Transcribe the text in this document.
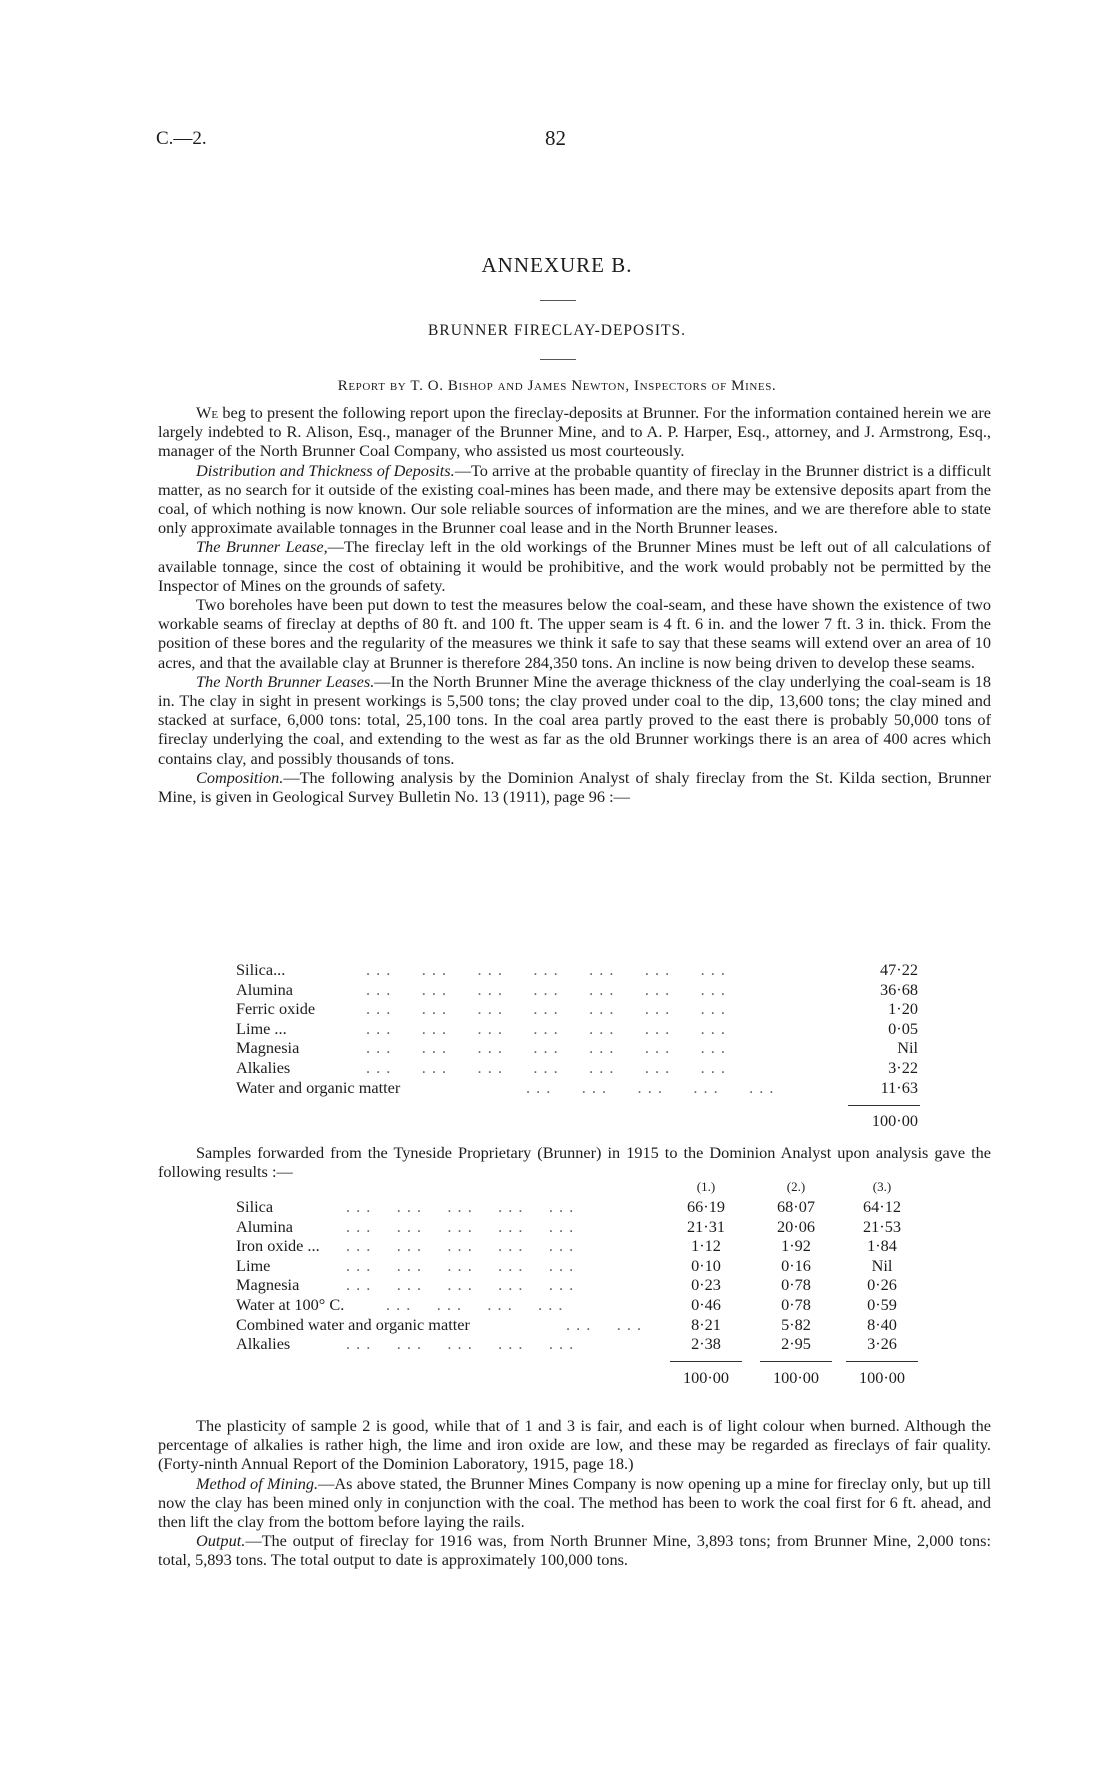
C.—2.	82
ANNEXURE B.
BRUNNER FIRECLAY-DEPOSITS.
Report by T. O. Bishop and James Newton, Inspectors of Mines.

We beg to present the following report upon the fireclay-deposits at Brunner. For the information contained herein we are largely indebted to R. Alison, Esq., manager of the Brunner Mine, and to A. P. Harper, Esq., attorney, and J. Armstrong, Esq., manager of the North Brunner Coal Company, who assisted us most courteously.

Distribution and Thickness of Deposits.—To arrive at the probable quantity of fireclay in the Brunner district is a difficult matter, as no search for it outside of the existing coal-mines has been made, and there may be extensive deposits apart from the coal, of which nothing is now known. Our sole reliable sources of information are the mines, and we are therefore able to state only approximate available tonnages in the Brunner coal lease and in the North Brunner leases.

The Brunner Lease,—The fireclay left in the old workings of the Brunner Mines must be left out of all calculations of available tonnage, since the cost of obtaining it would be prohibitive, and the work would probably not be permitted by the Inspector of Mines on the grounds of safety.

Two boreholes have been put down to test the measures below the coal-seam, and these have shown the existence of two workable seams of fireclay at depths of 80 ft. and 100 ft. The upper seam is 4 ft. 6 in. and the lower 7 ft. 3 in. thick. From the position of these bores and the regularity of the measures we think it safe to say that these seams will extend over an area of 10 acres, and that the available clay at Brunner is therefore 284,350 tons. An incline is now being driven to develop these seams.

The North Brunner Leases.—In the North Brunner Mine the average thickness of the clay underlying the coal-seam is 18 in. The clay in sight in present workings is 5,500 tons; the clay proved under coal to the dip, 13,600 tons; the clay mined and stacked at surface, 6,000 tons: total, 25,100 tons. In the coal area partly proved to the east there is probably 50,000 tons of fireclay underlying the coal, and extending to the west as far as the old Brunner workings there is an area of 400 acres which contains clay, and possibly thousands of tons.

Composition.—The following analysis by the Dominion Analyst of shaly fireclay from the St. Kilda section, Brunner Mine, is given in Geological Survey Bulletin No. 13 (1911), page 96 :—

Silica...	. . .      . . .      . . .      . . .      . . .      . . .      . . .	47·22
Alumina	. . .      . . .      . . .      . . .      . . .      . . .      . . .	36·68
Ferric oxide	. . .      . . .      . . .      . . .      . . .      . . .      . . .	1·20
Lime ...	. . .      . . .      . . .      . . .      . . .      . . .      . . .	0·05
Magnesia	. . .      . . .      . . .      . . .      . . .      . . .      . . .	Nil
Alkalies	. . .      . . .      . . .      . . .      . . .      . . .      . . .	3·22
Water and organic matter	. . .      . . .      . . .      . . .      . . .	11·63
100·00

Samples forwarded from the Tyneside Proprietary (Brunner) in 1915 to the Dominion Analyst upon analysis gave the following results :—

(1.)	(2.)	(3.)
Silica	. . .     . . .     . . .     . . .     . . .	66·19	68·07	64·12
Alumina	. . .     . . .     . . .     . . .     . . .	21·31	20·06	21·53
Iron oxide ... . . .     . . .     . . .     . . .     . . .	1·12	1·92	1·84
Lime	. . .     . . .     . . .     . . .     . . .	0·10	0·16	Nil
Magnesia	. . .     . . .     . . .     . . .     . . .	0·23	0·78	0·26
Water at 100° C.	. . .     . . .     . . .     . . .	0·46	0·78	0·59
Combined water and organic matter	. . .     . . .	8·21	5·82	8·40
Alkalies	. . .     . . .     . . .     . . .     . . .	2·38	2·95	3·26
100·00	100·00	100·00

The plasticity of sample 2 is good, while that of 1 and 3 is fair, and each is of light colour when burned. Although the percentage of alkalies is rather high, the lime and iron oxide are low, and these may be regarded as fireclays of fair quality. (Forty-ninth Annual Report of the Dominion Laboratory, 1915, page 18.)

Method of Mining.—As above stated, the Brunner Mines Company is now opening up a mine for fireclay only, but up till now the clay has been mined only in conjunction with the coal. The method has been to work the coal first for 6 ft. ahead, and then lift the clay from the bottom before laying the rails.

Output.—The output of fireclay for 1916 was, from North Brunner Mine, 3,893 tons; from Brunner Mine, 2,000 tons: total, 5,893 tons. The total output to date is approximately 100,000 tons.
